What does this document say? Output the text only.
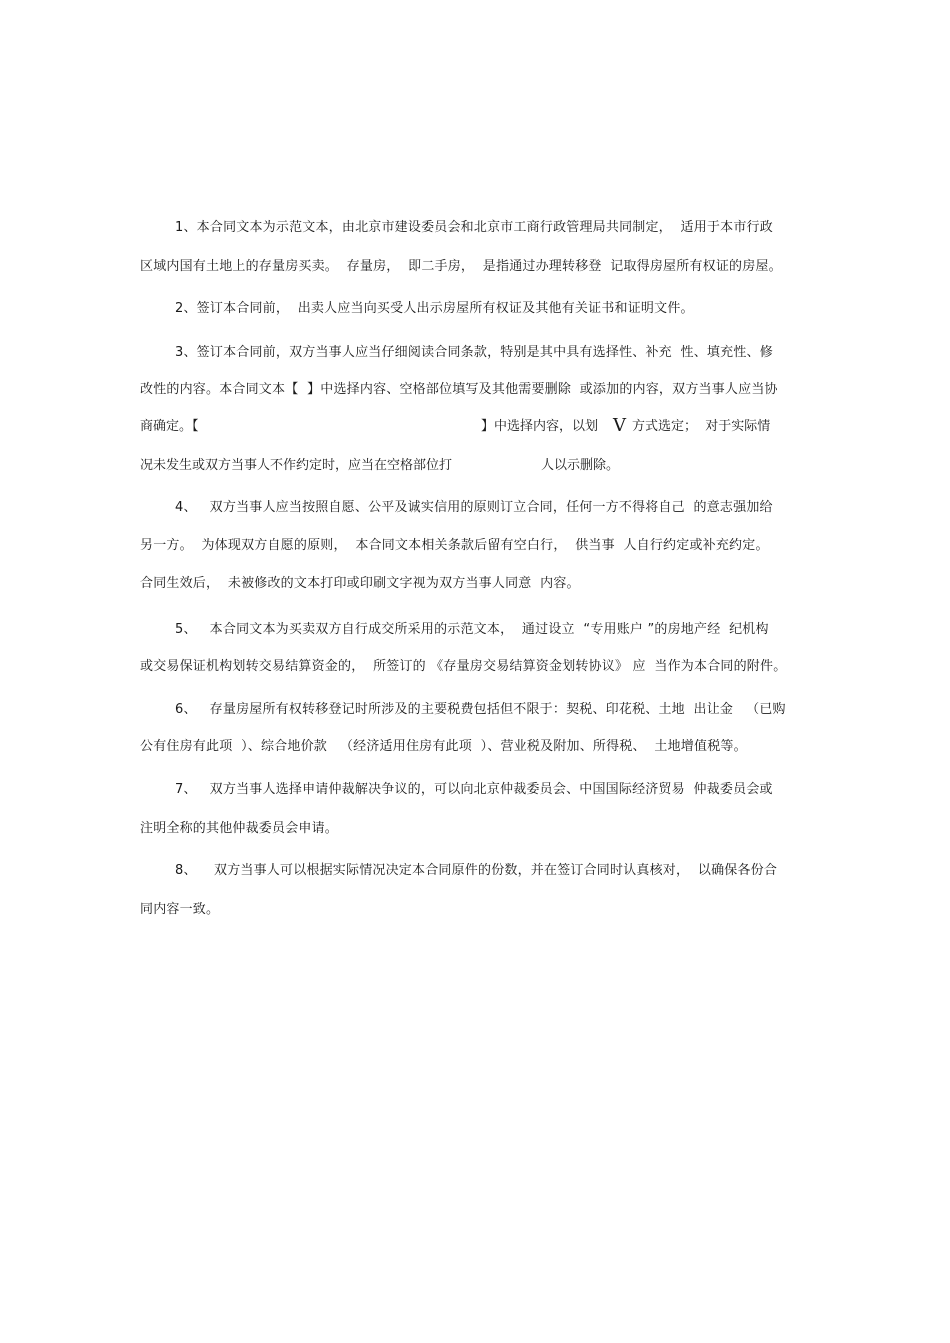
1、本合同文本为示范文本，由北京市建设委员会和北京市工商行政管理局共同制定，  适用于本市行政
区域内国有土地上的存量房买卖。  存量房，  即二手房，  是指通过办理转移登  记取得房屋所有权证的房屋。
2、签订本合同前，  出卖人应当向买受人出示房屋所有权证及其他有关证书和证明文件。
3、签订本合同前，双方当事人应当仔细阅读合同条款，特别是其中具有选择性、补充  性、填充性、修
改性的内容。本合同文本【  】中选择内容、空格部位填写及其他需要删除  或添加的内容，双方当事人应当协
商确定。【	】中选择内容，以划 V 方式选定；  对于实际情
况未发生或双方当事人不作约定时，应当在空格部位打	人以示删除。
4、   双方当事人应当按照自愿、公平及诚实信用的原则订立合同，任何一方不得将自己  的意志强加给
另一方。  为体现双方自愿的原则，  本合同文本相关条款后留有空白行，  供当事  人自行约定或补充约定。
合同生效后，  未被修改的文本打印或印刷文字视为双方当事人同意  内容。
5、   本合同文本为买卖双方自行成交所采用的示范文本，  通过设立  “专用账户 ”的房地产经  纪机构
或交易保证机构划转交易结算资金的，  所签订的 《存量房交易结算资金划转协议》 应  当作为本合同的附件。
6、   存量房屋所有权转移登记时所涉及的主要税费包括但不限于：契税、印花税、土地  出让金   （已购
公有住房有此项  ）、综合地价款   （经济适用住房有此项  ）、营业税及附加、所得税、  土地增值税等。
7、   双方当事人选择申请仲裁解决争议的，可以向北京仲裁委员会、中国国际经济贸易  仲裁委员会或
注明全称的其他仲裁委员会申请。
8、    双方当事人可以根据实际情况决定本合同原件的份数，并在签订合同时认真核对，  以确保各份合
同内容一致。
